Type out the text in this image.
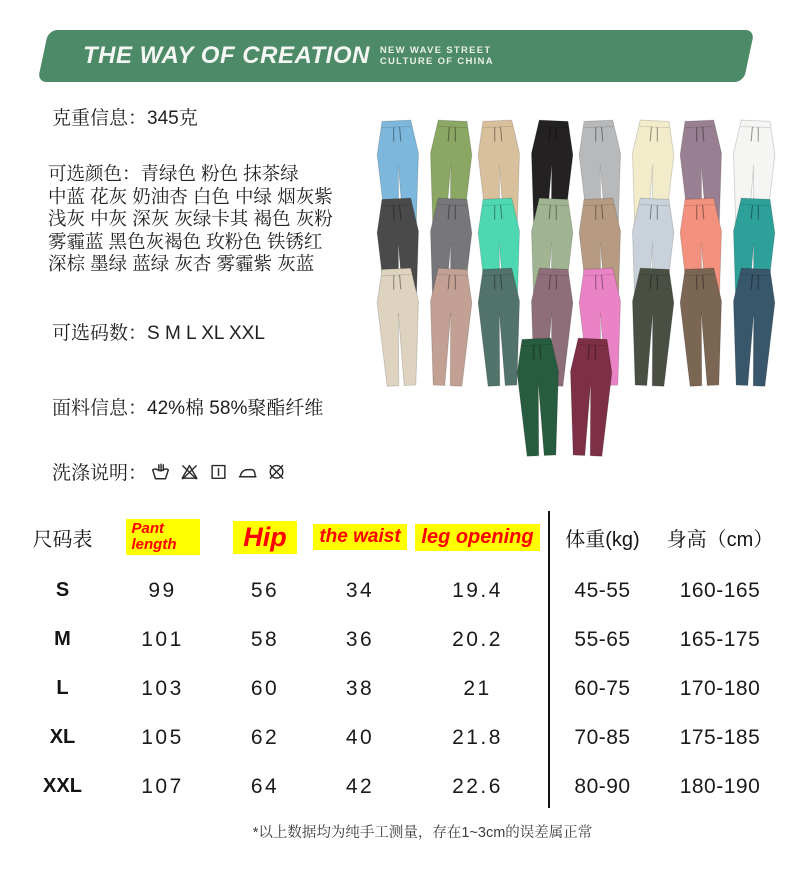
THE WAY OF CREATION NEW WAVE STREET
CULTURE OF CHINA
克重信息：345克
可选颜色：青绿色 粉色 抹茶绿
中蓝 花灰 奶油杏 白色 中绿 烟灰紫
浅灰 中灰 深灰 灰绿卡其 褐色 灰粉
雾霾蓝 黑色灰褐色 玫粉色 铁锈红
深棕 墨绿 蓝绿 灰杏 雾霾紫 灰蓝
可选码数：S M L XL XXL
面料信息：42%棉 58%聚酯纤维
洗涤说明：
尺码表	Pant length	Hip	the waist	leg opening	体重(kg)	身高（cm）
S	99	56	34	19.4	45-55	160-165
M	101	58	36	20.2	55-65	165-175
L	103	60	38	21	60-75	170-180
XL	105	62	40	21.8	70-85	175-185
XXL	107	64	42	22.6	80-90	180-190
*以上数据均为纯手工测量，存在1~3cm的误差属正常
